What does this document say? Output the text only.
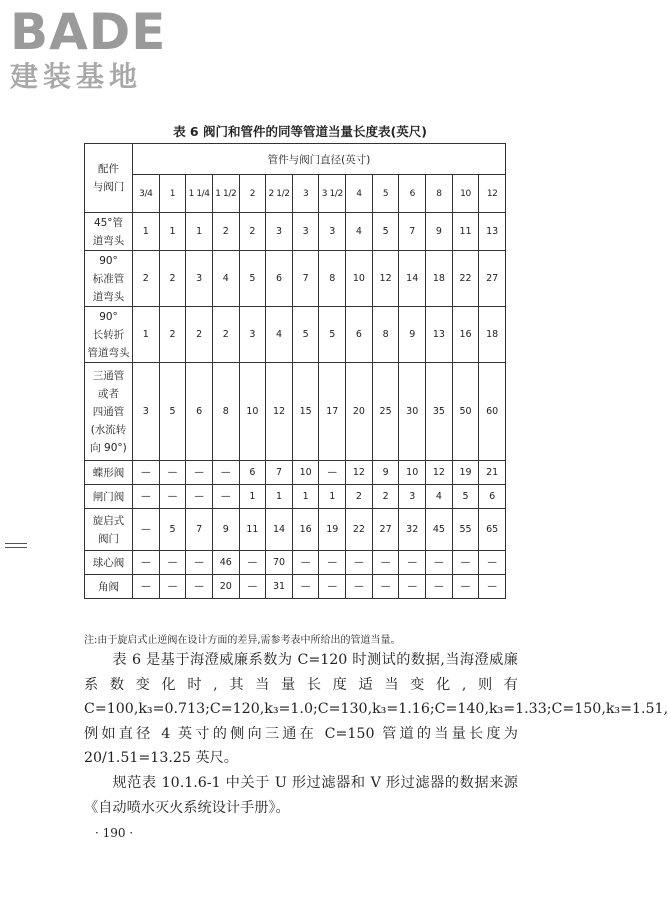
BADE
建装基地
表 6 阀门和管件的同等管道当量长度表(英尺)
配件
与阀门	管件与阀门直径(英寸)													
	3/4	1	1 1/4	1 1/2	2	2 1/2	3	3 1/2	4	5	6	8	10	12

45°管
道弯头	1	1	1	2	2	3	3	3	4	5	7	9	11	13

90°
标准管
道弯头	2	2	3	4	5	6	7	8	10	12	14	18	22	27

90°
长转折
管道弯头	1	2	2	2	3	4	5	5	6	8	9	13	16	18

三通管
或者
四通管
(水流转
向 90°)	3	5	6	8	10	12	15	17	20	25	30	35	50	60

蝶形阀	—	—	—	—	6	7	10	—	12	9	10	12	19	21

闸门阀	—	—	—	—	1	1	1	1	2	2	3	4	5	6

旋启式
阀门	—	5	7	9	11	14	16	19	22	27	32	45	55	65

球心阀	—	—	—	46	—	70	—	—	—	—	—	—	—	—

角阀	—	—	—	20	—	31	—	—	—	—	—	—	—	—
注:由于旋启式止逆阀在设计方面的差异,需参考表中所给出的管道当量。

表 6 是基于海澄威廉系数为 C=120 时测试的数据,当海澄威廉系数变化时,其当量长度适当变化,则有 C=100,k₃=0.713;C=120,k₃=1.0;C=130,k₃=1.16;C=140,k₃=1.33;C=150,k₃=1.51,例如直径 4 英寸的侧向三通在 C=150 管道的当量长度为 20/1.51=13.25 英尺。

规范表 10.1.6-1 中关于 U 形过滤器和 V 形过滤器的数据来源《自动喷水灭火系统设计手册》。

· 190 ·
